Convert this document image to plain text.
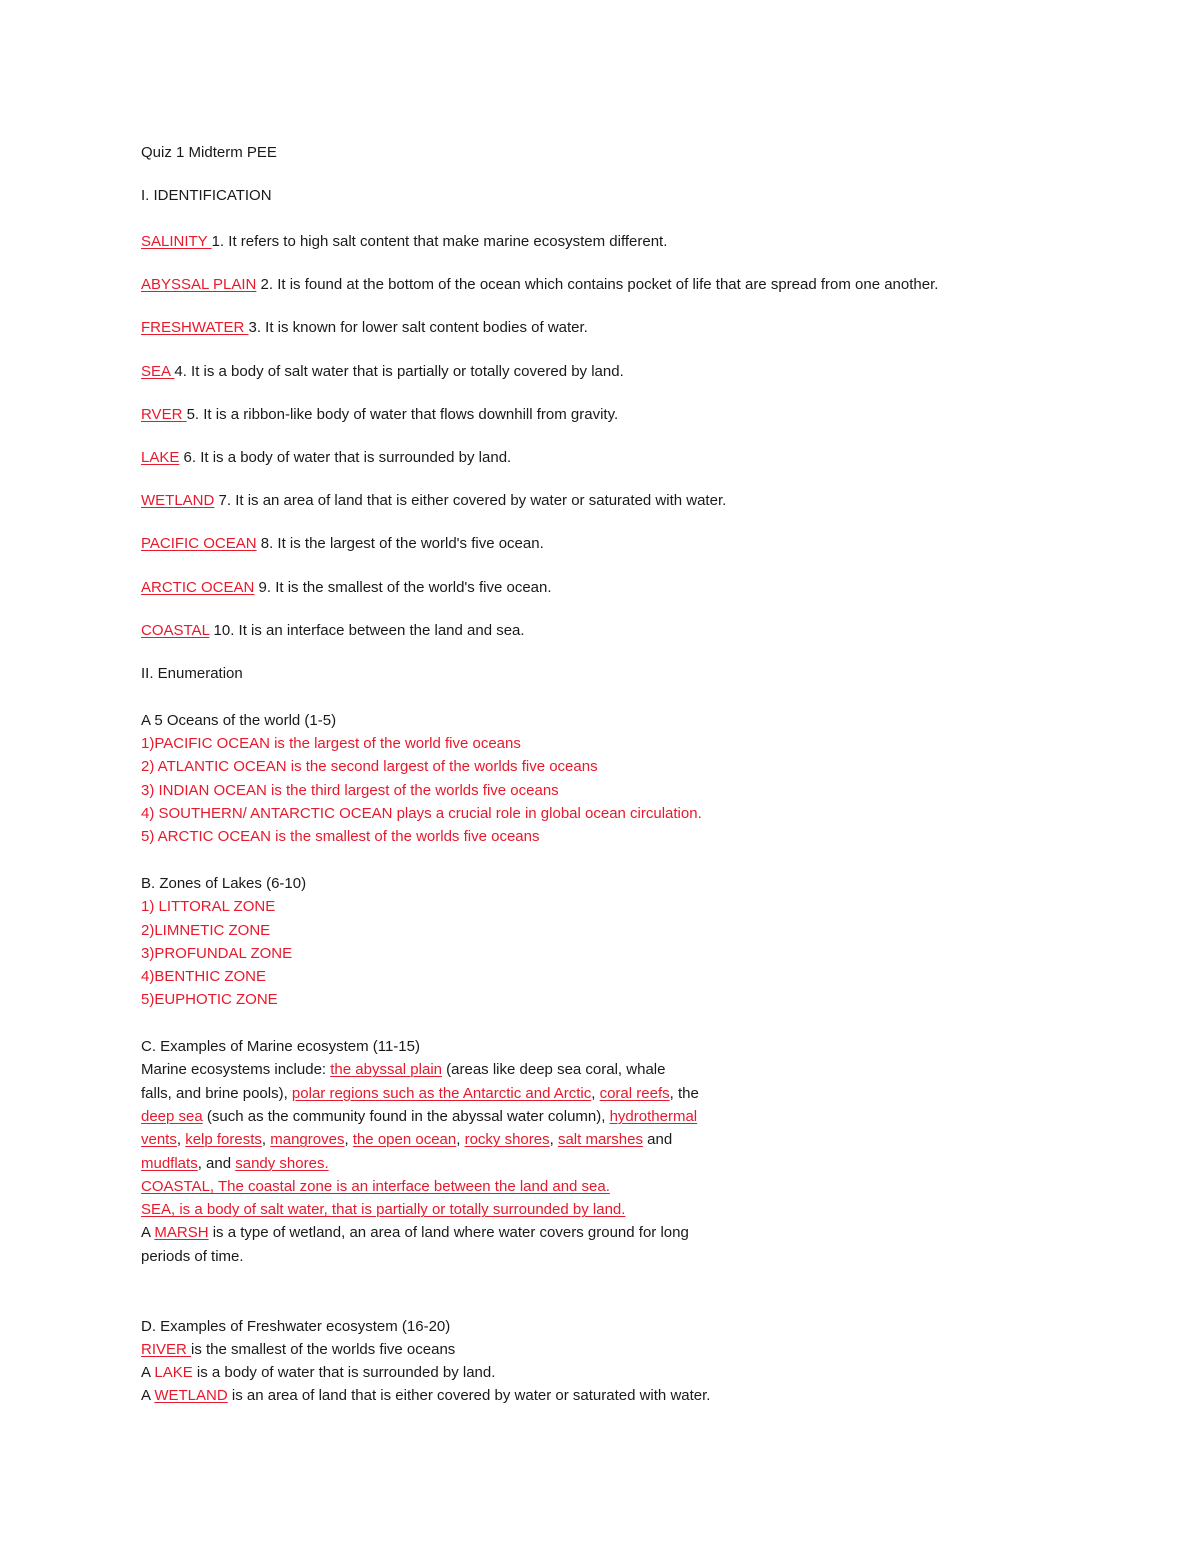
Quiz 1 Midterm PEE

I. IDENTIFICATION

SALINITY 1. It refers to high salt content that make marine ecosystem different.

ABYSSAL PLAIN 2. It is found at the bottom of the ocean which contains pocket of life that are spread from one another.

FRESHWATER 3. It is known for lower salt content bodies of water.

SEA 4. It is a body of salt water that is partially or totally covered by land.

RVER 5. It is a ribbon-like body of water that flows downhill from gravity.

LAKE 6. It is a body of water that is surrounded by land.

WETLAND 7. It is an area of land that is either covered by water or saturated with water.

PACIFIC OCEAN 8. It is the largest of the world's five ocean.

ARCTIC OCEAN 9. It is the smallest of the world's five ocean.

COASTAL 10. It is an interface between the land and sea.

II. Enumeration

A 5 Oceans of the world (1-5)

1)PACIFIC OCEAN is the largest of the world five oceans

2) ATLANTIC OCEAN is the second largest of the worlds five oceans

3) INDIAN OCEAN is the third largest of the worlds five oceans

4) SOUTHERN/ ANTARCTIC OCEAN plays a crucial role in global ocean circulation.

5) ARCTIC OCEAN is the smallest of the worlds five oceans

B. Zones of Lakes (6-10)

1) LITTORAL ZONE

2)LIMNETIC ZONE

3)PROFUNDAL ZONE

4)BENTHIC ZONE

5)EUPHOTIC ZONE

C. Examples of Marine ecosystem (11-15)

Marine ecosystems include: the abyssal plain (areas like deep sea coral, whale

falls, and brine pools), polar regions such as the Antarctic and Arctic, coral reefs, the

deep sea (such as the community found in the abyssal water column), hydrothermal

vents, kelp forests, mangroves, the open ocean, rocky shores, salt marshes and

mudflats, and sandy shores.

COASTAL, The coastal zone is an interface between the land and sea.

SEA, is a body of salt water, that is partially or totally surrounded by land.

A MARSH is a type of wetland, an area of land where water covers ground for long

periods of time.

D. Examples of Freshwater ecosystem (16-20)

RIVER is the smallest of the worlds five oceans

A LAKE is a body of water that is surrounded by land.

A WETLAND is an area of land that is either covered by water or saturated with water.
